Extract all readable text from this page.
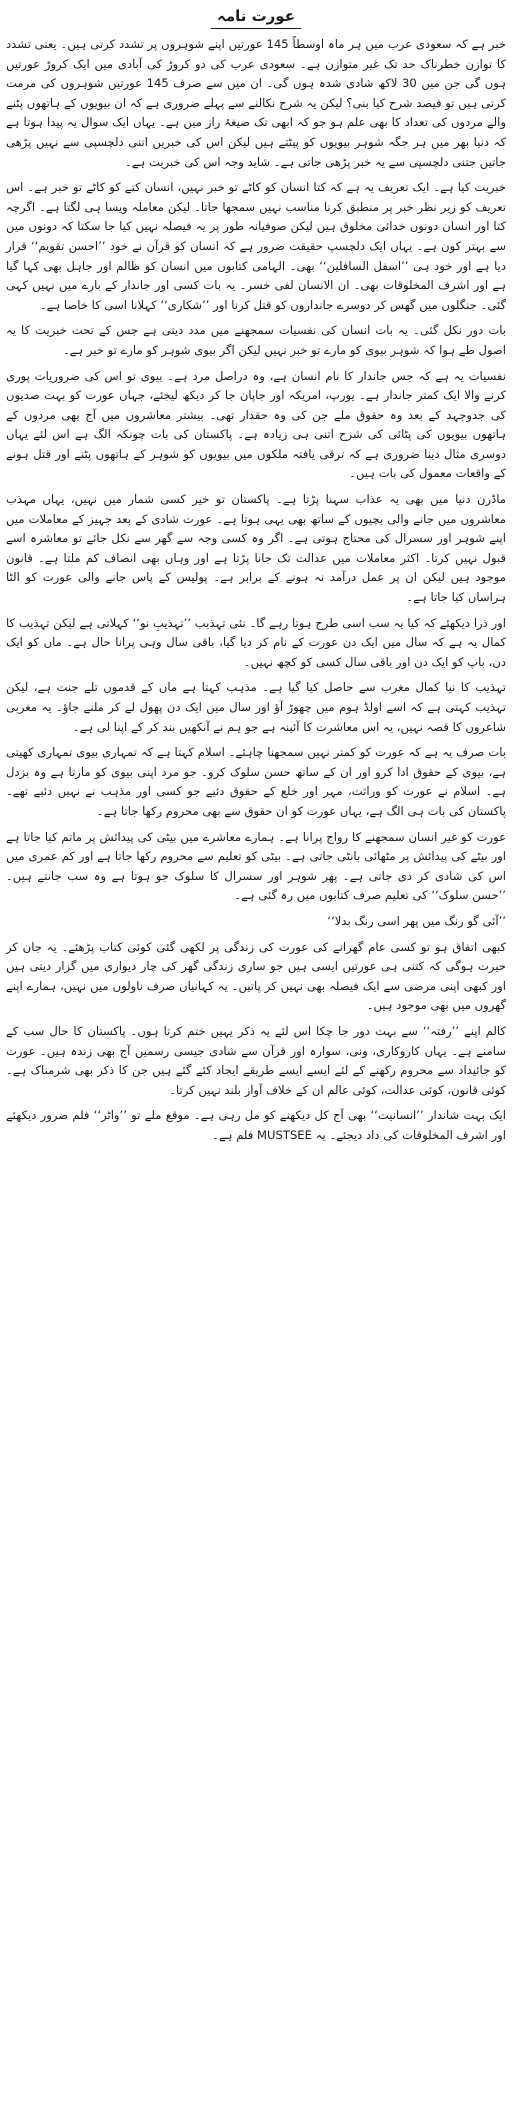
عورت نامہ

خبر ہے کہ سعودی عرب میں ہر ماہ اوسطاً 145 عورتیں اپنے شوہروں پر تشدد کرتی ہیں۔ یعنی تشدد کا توازن خطرناک حد تک غیر متوازن ہے۔ سعودی عرب کی دو کروڑ کی آبادی میں ایک کروڑ عورتیں ہوں گی جن میں 30 لاکھ شادی شدہ ہوں گی۔ ان میں سے صرف 145 عورتیں شوہروں کی مرمت کرتی ہیں تو فیصد شرح کیا بنی؟ لیکن یہ شرح نکالنے سے پہلے ضروری ہے کہ ان بیویوں کے ہاتھوں پٹنے والے مردوں کی تعداد کا بھی علم ہو جو کہ ابھی تک صیغۂ راز میں ہے۔ یہاں ایک سوال یہ پیدا ہوتا ہے کہ دنیا بھر میں ہر جگہ شوہر بیویوں کو پیٹتے ہیں لیکن اس کی خبریں اتنی دلچسپی سے نہیں پڑھی جاتیں جتنی دلچسپی سے یہ خبر پڑھی جاتی ہے۔ شاید وجہ اس کی خبریت ہے۔

خبریت کیا ہے۔ ایک تعریف یہ ہے کہ کتا انسان کو کاٹے تو خبر نہیں، انسان کتے کو کاٹے تو خبر ہے۔ اس تعریف کو زیر نظر خبر پر منطبق کرنا مناسب نہیں سمجھا جاتا۔ لیکن معاملہ ویسا ہی لگتا ہے۔ اگرچہ کتا اور انسان دونوں خدائی مخلوق ہیں لیکن صوفیانہ طور پر یہ فیصلہ نہیں کیا جا سکتا کہ دونوں میں سے بہتر کون ہے۔ یہاں ایک دلچسپ حقیقت ضرور ہے کہ انسان کو قرآن نے خود ’’احسن تقویم‘‘ قرار دیا ہے اور خود ہی ’’اسفل السافلین‘‘ بھی۔ الہامی کتابوں میں انسان کو ظالم اور جاہل بھی کہا گیا ہے اور اشرف المخلوقات بھی۔ ان الانسان لفی خسر۔ یہ بات کسی اور جاندار کے بارے میں نہیں کہی گئی۔ جنگلوں میں گھس کر دوسرے جانداروں کو قتل کرنا اور ’’شکاری‘‘ کہلانا اسی کا خاصا ہے۔

بات دور نکل گئی۔ یہ بات انسان کی نفسیات سمجھنے میں مدد دیتی ہے جس کے تحت خبریت کا یہ اصول طے ہوا کہ شوہر بیوی کو مارے تو خبر نہیں لیکن اگر بیوی شوہر کو مارے تو خبر ہے۔

نفسیات یہ ہے کہ جس جاندار کا نام انسان ہے، وہ دراصل مرد ہے۔ بیوی تو اس کی ضروریات پوری کرنے والا ایک کمتر جاندار ہے۔ یورپ، امریکہ اور جاپان جا کر دیکھ لیجئے، جہاں عورت کو بہت صدیوں کی جدوجہد کے بعد وہ حقوق ملے جن کی وہ حقدار تھی۔ بیشتر معاشروں میں آج بھی مردوں کے ہاتھوں بیویوں کی پٹائی کی شرح اتنی ہی زیادہ ہے۔ پاکستان کی بات چونکہ الگ ہے اس لئے یہاں دوسری مثال دینا ضروری ہے کہ ترقی یافتہ ملکوں میں بیویوں کو شوہر کے ہاتھوں پٹنے اور قتل ہونے کے واقعات معمول کی بات ہیں۔

ماڈرن دنیا میں بھی یہ عذاب سہنا پڑتا ہے۔ پاکستان تو خیر کسی شمار میں نہیں، یہاں مہذب معاشروں میں جانے والی بچیوں کے ساتھ بھی یہی ہوتا ہے۔ عورت شادی کے بعد جہیز کے معاملات میں اپنے شوہر اور سسرال کی محتاج ہوتی ہے۔ اگر وہ کسی وجہ سے گھر سے نکل جائے تو معاشرہ اسے قبول نہیں کرتا۔ اکثر معاملات میں عدالت تک جانا پڑتا ہے اور وہاں بھی انصاف کم ملتا ہے۔ قانون موجود ہیں لیکن ان پر عمل درآمد نہ ہونے کے برابر ہے۔ پولیس کے پاس جانے والی عورت کو الٹا ہراساں کیا جاتا ہے۔

اور ذرا دیکھئے کہ کیا یہ سب اسی طرح ہوتا رہے گا۔ نئی تہذیب ’’تہذیبِ نو‘‘ کہلاتی ہے لیکن تہذیب کا کمال یہ ہے کہ سال میں ایک دن عورت کے نام کر دیا گیا، باقی سال وہی پرانا حال ہے۔ ماں کو ایک دن، باپ کو ایک دن اور باقی سال کسی کو کچھ نہیں۔

تہذیب کا نیا کمال مغرب سے حاصل کیا گیا ہے۔ مذہب کہتا ہے ماں کے قدموں تلے جنت ہے، لیکن تہذیب کہتی ہے کہ اسے اولڈ ہوم میں چھوڑ آؤ اور سال میں ایک دن پھول لے کر ملنے جاؤ۔ یہ مغربی شاعروں کا قصہ نہیں، یہ اس معاشرت کا آئینہ ہے جو ہم نے آنکھیں بند کر کے اپنا لی ہے۔

بات صرف یہ ہے کہ عورت کو کمتر نہیں سمجھنا چاہئے۔ اسلام کہتا ہے کہ تمہاری بیوی تمہاری کھیتی ہے، بیوی کے حقوق ادا کرو اور ان کے ساتھ حسن سلوک کرو۔ جو مرد اپنی بیوی کو مارتا ہے وہ بزدل ہے۔ اسلام نے عورت کو وراثت، مہر اور خلع کے حقوق دئیے جو کسی اور مذہب نے نہیں دئیے تھے۔ پاکستان کی بات ہی الگ ہے، یہاں عورت کو ان حقوق سے بھی محروم رکھا جاتا ہے۔

عورت کو غیر انسان سمجھنے کا رواج پرانا ہے۔ ہمارے معاشرے میں بیٹی کی پیدائش پر ماتم کیا جاتا ہے اور بیٹے کی پیدائش پر مٹھائی بانٹی جاتی ہے۔ بیٹی کو تعلیم سے محروم رکھا جاتا ہے اور کم عمری میں اس کی شادی کر دی جاتی ہے۔ پھر شوہر اور سسرال کا سلوک جو ہوتا ہے وہ سب جانتے ہیں۔ ’’حسن سلوک‘‘ کی تعلیم صرف کتابوں میں رہ گئی ہے۔

’’آئی گو رنگ میں پھر اسی رنگ بدلا‘‘

کبھی اتفاق ہو تو کسی عام گھرانے کی عورت کی زندگی پر لکھی گئی کوئی کتاب پڑھئے۔ یہ جان کر حیرت ہوگی کہ کتنی ہی عورتیں ایسی ہیں جو ساری زندگی گھر کی چار دیواری میں گزار دیتی ہیں اور کبھی اپنی مرضی سے ایک فیصلہ بھی نہیں کر پاتیں۔ یہ کہانیاں صرف ناولوں میں نہیں، ہمارے اپنے گھروں میں بھی موجود ہیں۔

کالم اپنے ’’رفتہ‘‘ سے بہت دور جا چکا اس لئے یہ ذکر یہیں ختم کرتا ہوں۔ پاکستان کا حال سب کے سامنے ہے۔ یہاں کاروکاری، ونی، سوارہ اور قرآن سے شادی جیسی رسمیں آج بھی زندہ ہیں۔ عورت کو جائیداد سے محروم رکھنے کے لئے ایسے ایسے طریقے ایجاد کئے گئے ہیں جن کا ذکر بھی شرمناک ہے۔ کوئی قانون، کوئی عدالت، کوئی عالم ان کے خلاف آواز بلند نہیں کرتا۔

ایک بہت شاندار ’’انسانیت‘‘ بھی آج کل دیکھنے کو مل رہی ہے۔ موقع ملے تو ’’واٹر‘‘ فلم ضرور دیکھئے اور اشرف المخلوقات کی داد دیجئے۔ یہ MUSTSEE فلم ہے۔
